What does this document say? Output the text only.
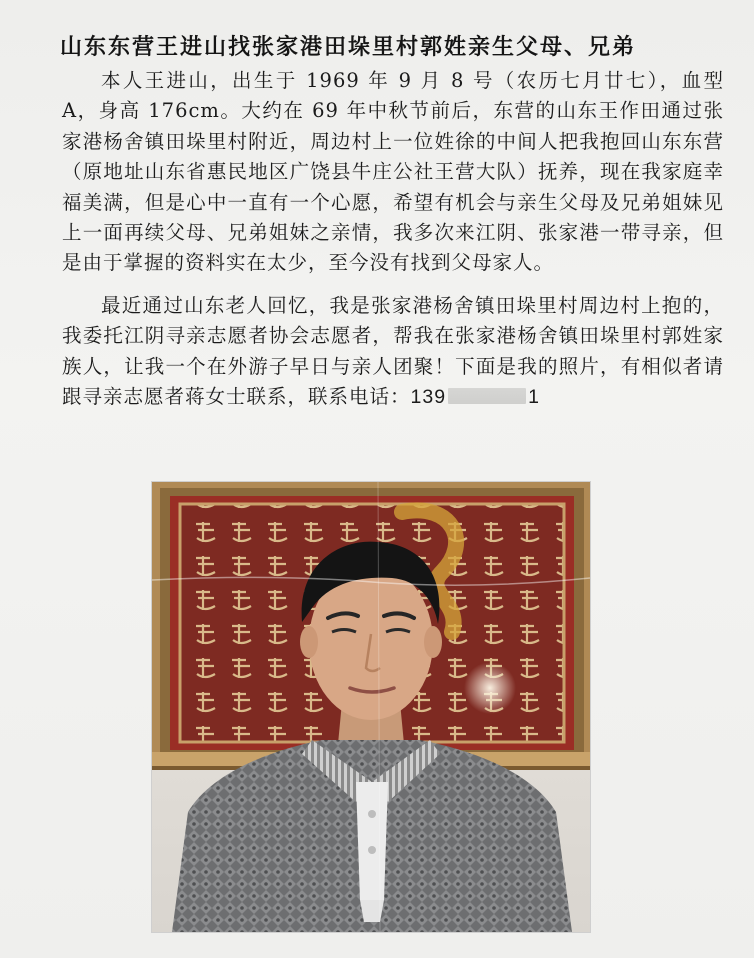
山东东营王进山找张家港田垛里村郭姓亲生父母、兄弟

本人王进山，出生于 1969 年 9 月 8 号（农历七月廿七），血型 A，身高 176cm。大约在 69 年中秋节前后，东营的山东王作田通过张家港杨舍镇田垛里村附近，周边村上一位姓徐的中间人把我抱回山东东营（原地址山东省惠民地区广饶县牛庄公社王营大队）抚养，现在我家庭幸福美满，但是心中一直有一个心愿，希望有机会与亲生父母及兄弟姐妹见上一面再续父母、兄弟姐妹之亲情，我多次来江阴、张家港一带寻亲，但是由于掌握的资料实在太少，至今没有找到父母家人。

最近通过山东老人回忆，我是张家港杨舍镇田垛里村周边村上抱的，我委托江阴寻亲志愿者协会志愿者，帮我在张家港杨舍镇田垛里村郭姓家族人，让我一个在外游子早日与亲人团聚！下面是我的照片，有相似者请跟寻亲志愿者蒋女士联系，联系电话：139	1
